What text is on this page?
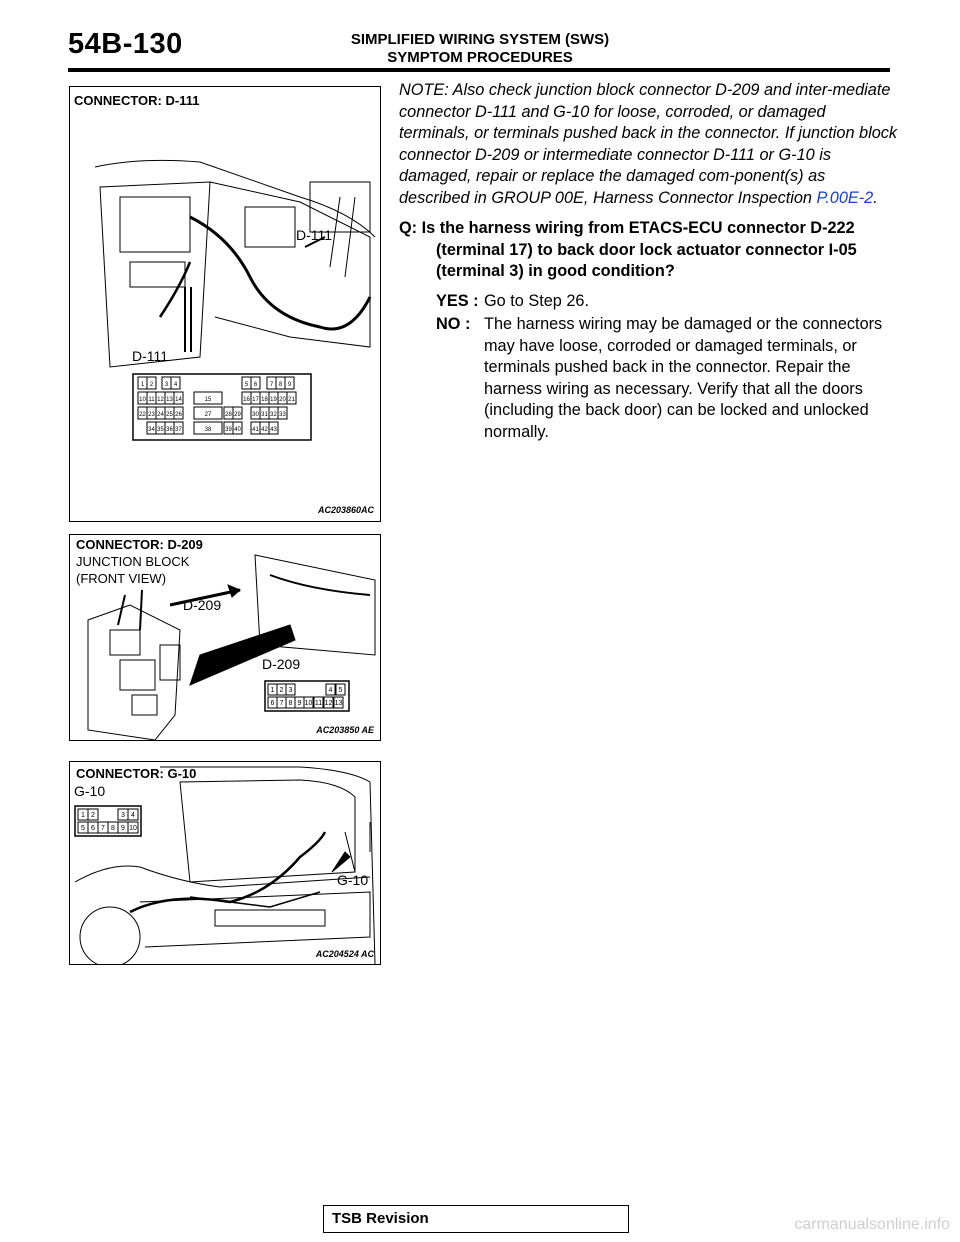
54B-130	SIMPLIFIED WIRING SYSTEM (SWS)
SYMPTOM PROCEDURES
CONNECTOR: D-111
D-111
D-111
1 2 3 4	5 6 7 8 9
10 11 12 13 14	15	16 17 18 19 20 21
22 23 24 25 26	27 28 29 30 31 32 33
34 35 36 37	38 39 40 41 42 43
AC203860AC
CONNECTOR: D-209
JUNCTION BLOCK
(FRONT VIEW)
D-209
D-209
1 2 3	4 5
6 7 8 9 10 11 12 13
AC203850 AE
CONNECTOR: G-10
G-10
1 2	3 4
5 6 7 8 9 10
G-10
AC204524 AC

NOTE: Also check junction block connector D-209 and inter-mediate connector D-111 and G-10 for loose, corroded, or damaged terminals, or terminals pushed back in the connector. If junction block connector D-209 or intermediate connector D-111 or G-10 is damaged, repair or replace the damaged com-ponent(s) as described in GROUP 00E, Harness Connector Inspection P.00E-2.

Q: Is the harness wiring from ETACS-ECU connector D-222 (terminal 17) to back door lock actuator connector I-05 (terminal 3) in good condition?

YES : Go to Step 26.
NO : The harness wiring may be damaged or the connectors may have loose, corroded or damaged terminals, or terminals pushed back in the connector. Repair the harness wiring as necessary. Verify that all the doors (including the back door) can be locked and unlocked normally.
TSB Revision	carmanualsonline.info
